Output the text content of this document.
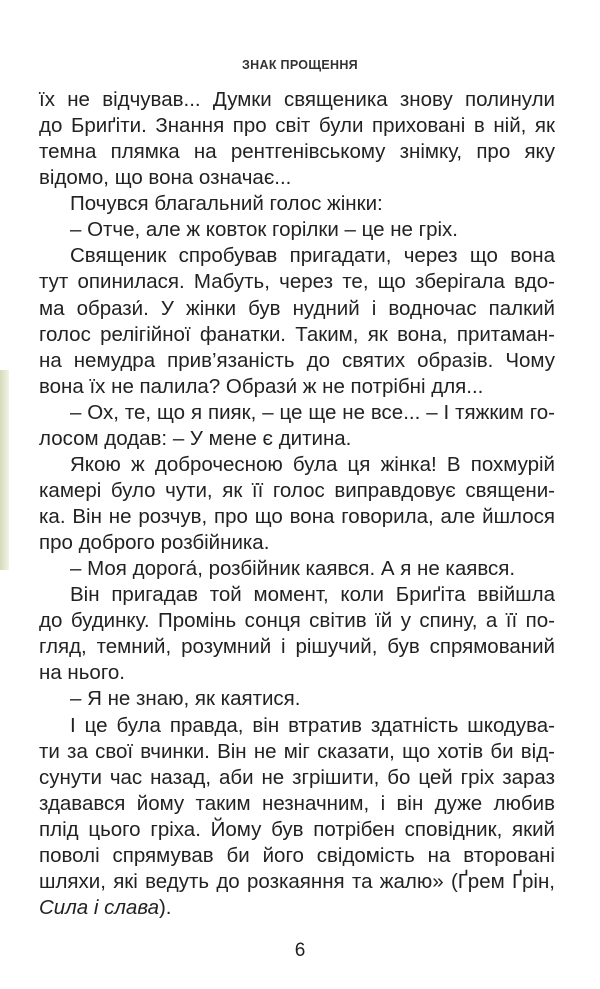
ЗНАК ПРОЩЕННЯ
їх не відчував... Думки священика знову полинули
до Бриґіти. Знання про світ були приховані в ній, як
темна плямка на рентгенівському знімку, про яку
відомо, що вона означає...
Почувся благальний голос жінки:
– Отче, але ж ковток горілки – це не гріх.
Священик спробував пригадати, через що вона
тут опинилася. Мабуть, через те, що зберігала вдо-
ма образи́. У жінки був нудний і водночас палкий
голос релігійної фанатки. Таким, як вона, притаман-
на немудра прив’язаність до святих образів. Чому
вона їх не палила? Образи́ ж не потрібні для...
– Ох, те, що я пияк, – це ще не все... – І тяжким го-
лосом додав: – У мене є дитина.
Якою ж доброчесною була ця жінка! В похмурій
камері було чути, як її голос виправдовує священи-
ка. Він не розчув, про що вона говорила, але йшлося
про доброго розбійника.
– Моя дорога́, розбійник каявся. А я не каявся.
Він пригадав той момент, коли Бриґіта ввійшла
до будинку. Промінь сонця світив їй у спину, а її по-
гляд, темний, розумний і рішучий, був спрямований
на нього.
– Я не знаю, як каятися.
І це була правда, він втратив здатність шкодува-
ти за свої вчинки. Він не міг сказати, що хотів би від-
сунути час назад, аби не згрішити, бо цей гріх зараз
здавався йому таким незначним, і він дуже любив
плід цього гріха. Йому був потрібен сповідник, який
поволі спрямував би його свідомість на второвані
шляхи, які ведуть до розкаяння та жалю» (Ґрем Ґрін,
Сила і слава).
6
